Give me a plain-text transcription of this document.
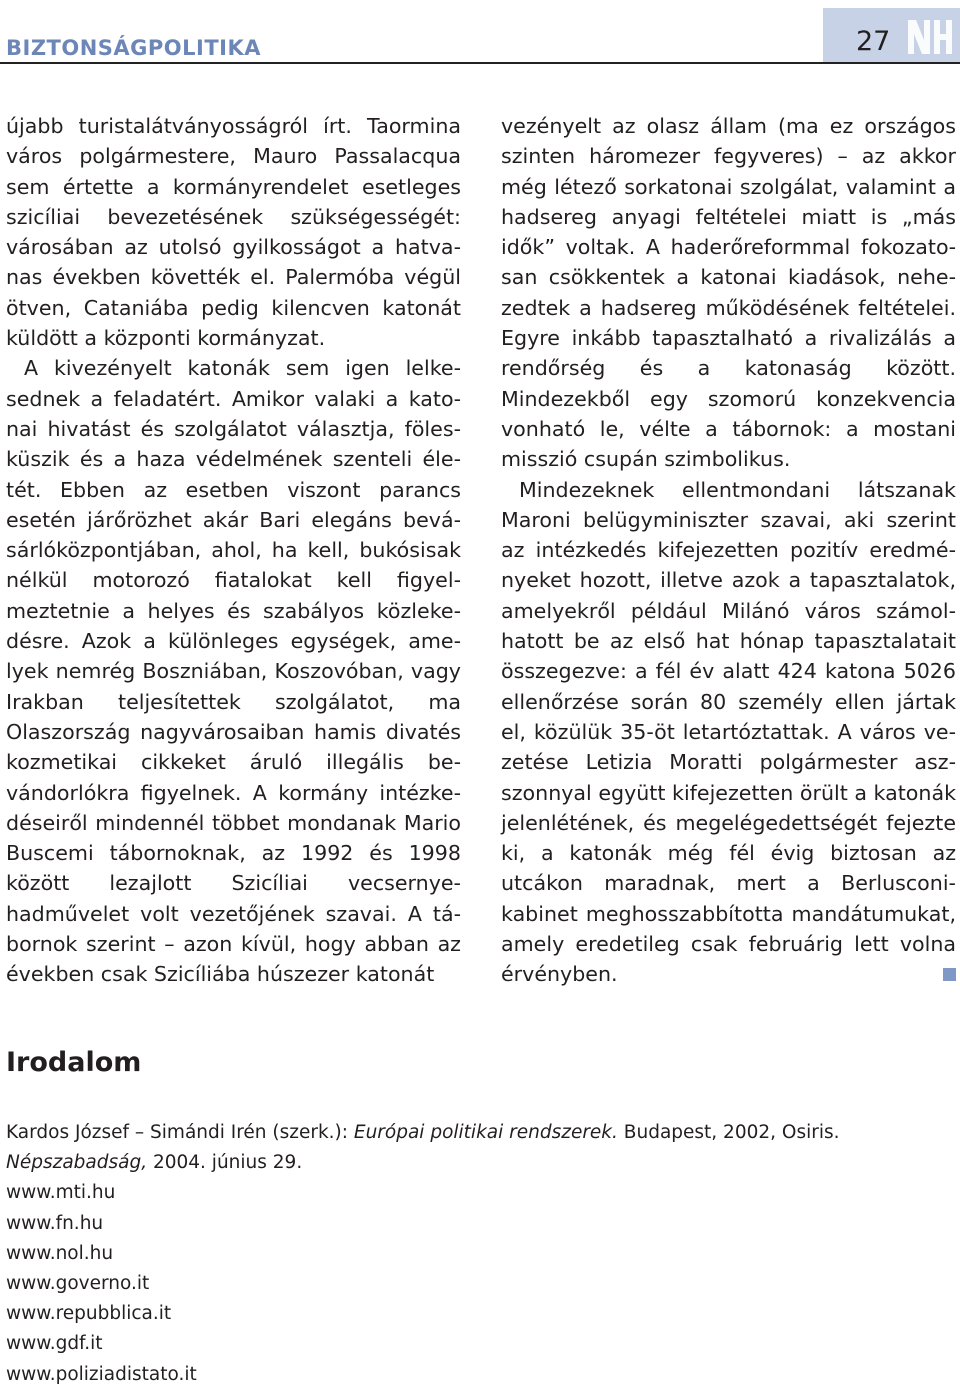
BIZTONSÁGPOLITIKA	27

újabb turistalátványosságról írt. Taormina város polgármestere, Mauro Passalacqua sem értette a kormányrendelet esetleges szicíliai bevezetésének szükségességét: városában az utolsó gyilkosságot a hatvanas években követték el. Palermóba végül ötven, Cataniába pedig kilencven katonát küldött a központi kormányzat.

A kivezényelt katonák sem igen lelkesednek a feladatért. Amikor valaki a katonai hivatást és szolgálatot választja, fölesküszik és a haza védelmének szenteli életét. Ebben az esetben viszont parancs esetén járőrözhet akár Bari elegáns bevásárlóközpontjában, ahol, ha kell, bukósisak nélkül motorozó fiatalokat kell figyelmeztetnie a helyes és szabályos közlekedésre. Azok a különleges egységek, amelyek nemrég Boszniában, Koszovóban, vagy Irakban teljesítettek szolgálatot, ma Olaszország nagyvárosaiban hamis divatés kozmetikai cikkeket áruló illegális bevándorlókra figyelnek. A kormány intézkedéseiről mindennél többet mondanak Mario Buscemi tábornoknak, az 1992 és 1998 között lezajlott Szicíliai vecsernye-hadművelet volt vezetőjének szavai. A tábornok szerint – azon kívül, hogy abban az években csak Szicíliába húszezer katonát

vezényelt az olasz állam (ma ez országos szinten háromezer fegyveres) – az akkor még létező sorkatonai szolgálat, valamint a hadsereg anyagi feltételei miatt is „más idők” voltak. A haderőreformmal fokozatosan csökkentek a katonai kiadások, nehezedtek a hadsereg működésének feltételei. Egyre inkább tapasztalható a rivalizálás a rendőrség és a katonaság között. Mindezekből egy szomorú konzekvencia vonható le, vélte a tábornok: a mostani misszió csupán szimbolikus.

Mindezeknek ellentmondani látszanak Maroni belügyminiszter szavai, aki szerint az intézkedés kifejezetten pozitív eredményeket hozott, illetve azok a tapasztalatok, amelyekről például Milánó város számolhatott be az első hat hónap tapasztalatait összegezve: a fél év alatt 424 katona 5026 ellenőrzése során 80 személy ellen jártak el, közülük 35-öt letartóztattak. A város vezetése Letizia Moratti polgármester aszszonnyal együtt kifejezetten örült a katonák jelenlétének, és megelégedettségét fejezte ki, a katonák még fél évig biztosan az utcákon maradnak, mert a Berlusconi-kabinet meghosszabbította mandátumukat, amely eredetileg csak februárig lett volna érvényben.

Irodalom
Kardos József – Simándi Irén (szerk.): Európai politikai rendszerek. Budapest, 2002, Osiris.
Népszabadság, 2004. június 29.
www.mti.hu
www.fn.hu
www.nol.hu
www.governo.it
www.repubblica.it
www.gdf.it
www.poliziadistato.it
